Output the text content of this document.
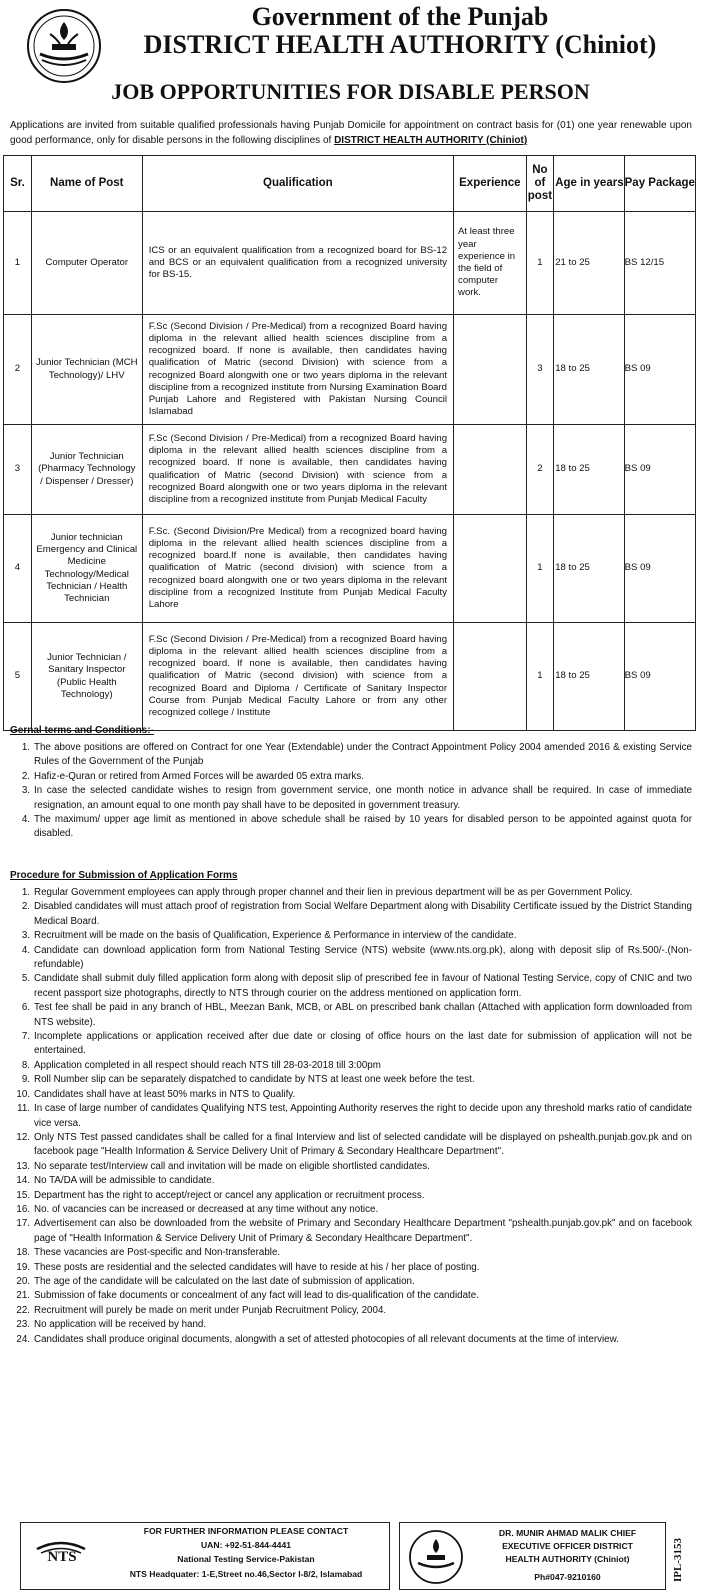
Government of the Punjab
DISTRICT HEALTH AUTHORITY (Chiniot)
JOB OPPORTUNITIES FOR DISABLE PERSON
Applications are invited from suitable qualified professionals having Punjab Domicile for appointment on contract basis for (01) one year renewable upon good performance, only for disable persons in the following disciplines of DISTRICT HEALTH AUTHORITY (Chiniot)
Sr.	Name of Post	Qualification	Experience	No of post	Age in years	Pay Package
1	Computer Operator	ICS or an equivalent qualification from a recognized board for BS-12 and BCS or an equivalent qualification from a recognized university for BS-15.	At least three year experience in the field of computer work.	1	21 to 25	BS 12/15
2	Junior Technician (MCH Technology)/ LHV	F.Sc (Second Division / Pre-Medical) from a recognized Board having diploma in the relevant allied health sciences discipline from a recognized board. If none is available, then candidates having qualification of Matric (second Division) with science from a recognized Board alongwith one or two years diploma in the relevant discipline from a recognized institute from Nursing Examination Board Punjab Lahore and Registered with Pakistan Nursing Council Islamabad		3	18 to 25	BS 09
3	Junior Technician (Pharmacy Technology / Dispenser / Dresser)	F.Sc (Second Division / Pre-Medical) from a recognized Board having diploma in the relevant allied health sciences discipline from a recognized board. If none is available, then candidates having qualification of Matric (second Division) with science from a recognized Board alongwith one or two years diploma in the relevant discipline from a recognized institute from Punjab Medical Faculty		2	18 to 25	BS 09
4	Junior technician Emergency and Clinical Medicine Technology/Medical Technician / Health Technician	F.Sc. (Second Division/Pre Medical) from a recognized board having diploma in the relevant allied health sciences discipline from a recognized board.If none is available, then candidates having qualification of Matric (second division) with science from a recognized board alongwith one or two years diploma in the relevant discipline from a recognized Institute from Punjab Medical Faculty Lahore		1	18 to 25	BS 09
5	Junior Technician / Sanitary Inspector (Public Health Technology)	F.Sc (Second Division / Pre-Medical) from a recognized Board having diploma in the relevant allied health sciences discipline from a recognized board. If none is available, then candidates having qualification of Matric (second division) with science from a recognized Board and Diploma / Certificate of Sanitary Inspector Course from Punjab Medical Faculty Lahore or from any other recognized college / Institute		1	18 to 25	BS 09
Gernal terms and Conditions:-
1. The above positions are offered on Contract for one Year (Extendable) under the Contract Appointment Policy 2004 amended 2016 & existing Service Rules of the Government of the Punjab
2. Hafiz-e-Quran or retired from Armed Forces will be awarded 05 extra marks.
3. In case the selected candidate wishes to resign from government service, one month notice in advance shall be required. In case of immediate resignation, an amount equal to one month pay shall have to be deposited in government treasury.
4. The maximum/ upper age limit as mentioned in above schedule shall be raised by 10 years for disabled person to be appointed against quota for disabled.
Procedure for Submission of Application Forms
1. Regular Government employees can apply through proper channel and their lien in previous department will be as per Government Policy.
2. Disabled candidates will must attach proof of registration from Social Welfare Department along with Disability Certificate issued by the District Standing Medical Board.
3. Recruitment will be made on the basis of Qualification, Experience & Performance in interview of the candidate.
4. Candidate can download application form from National Testing Service (NTS) website (www.nts.org.pk), along with deposit slip of Rs.500/-.(Non-refundable)
5. Candidate shall submit duly filled application form along with deposit slip of prescribed fee in favour of National Testing Service, copy of CNIC and two recent passport size photographs, directly to NTS through courier on the address mentioned on application form.
6. Test fee shall be paid in any branch of HBL, Meezan Bank, MCB, or ABL on prescribed bank challan (Attached with application form downloaded from NTS website).
7. Incomplete applications or application received after due date or closing of office hours on the last date for submission of application will not be entertained.
8. Application completed in all respect should reach NTS till 28-03-2018 till 3:00pm
9. Roll Number slip can be separately dispatched to candidate by NTS at least one week before the test.
10. Candidates shall have at least 50% marks in NTS to Qualify.
11. In case of large number of candidates Qualifying NTS test, Appointing Authority reserves the right to decide upon any threshold marks ratio of candidate vice versa.
12. Only NTS Test passed candidates shall be called for a final Interview and list of selected candidate will be displayed on pshealth.punjab.gov.pk and on facebook page "Health Information & Service Delivery Unit of Primary & Secondary Healthcare Department".
13. No separate test/Interview call and invitation will be made on eligible shortlisted candidates.
14. No TA/DA will be admissible to candidate.
15. Department has the right to accept/reject or cancel any application or recruitment process.
16. No. of vacancies can be increased or decreased at any time without any notice.
17. Advertisement can also be downloaded from the website of Primary and Secondary Healthcare Department "pshealth.punjab.gov.pk" and on facebook page of "Health Information & Service Delivery Unit of Primary & Secondary Healthcare Department".
18. These vacancies are Post-specific and Non-transferable.
19. These posts are residential and the selected candidates will have to reside at his / her place of posting.
20. The age of the candidate will be calculated on the last date of submission of application.
21. Submission of fake documents or concealment of any fact will lead to dis-qualification of the candidate.
22. Recruitment will purely be made on merit under Punjab Recruitment Policy, 2004.
23. No application will be received by hand.
24. Candidates shall produce original documents, alongwith a set of attested photocopies of all relevant documents at the time of interview.
NTS
FOR FURTHER INFORMATION PLEASE CONTACT
UAN: +92-51-844-4441
National Testing Service-Pakistan
NTS Headquater: 1-E,Street no.46,Sector I-8/2, Islamabad
DR. MUNIR AHMAD MALIK CHIEF
EXECUTIVE OFFICER DISTRICT
HEALTH AUTHORITY (Chiniot)
Ph#047-9210160	IPL-3153
